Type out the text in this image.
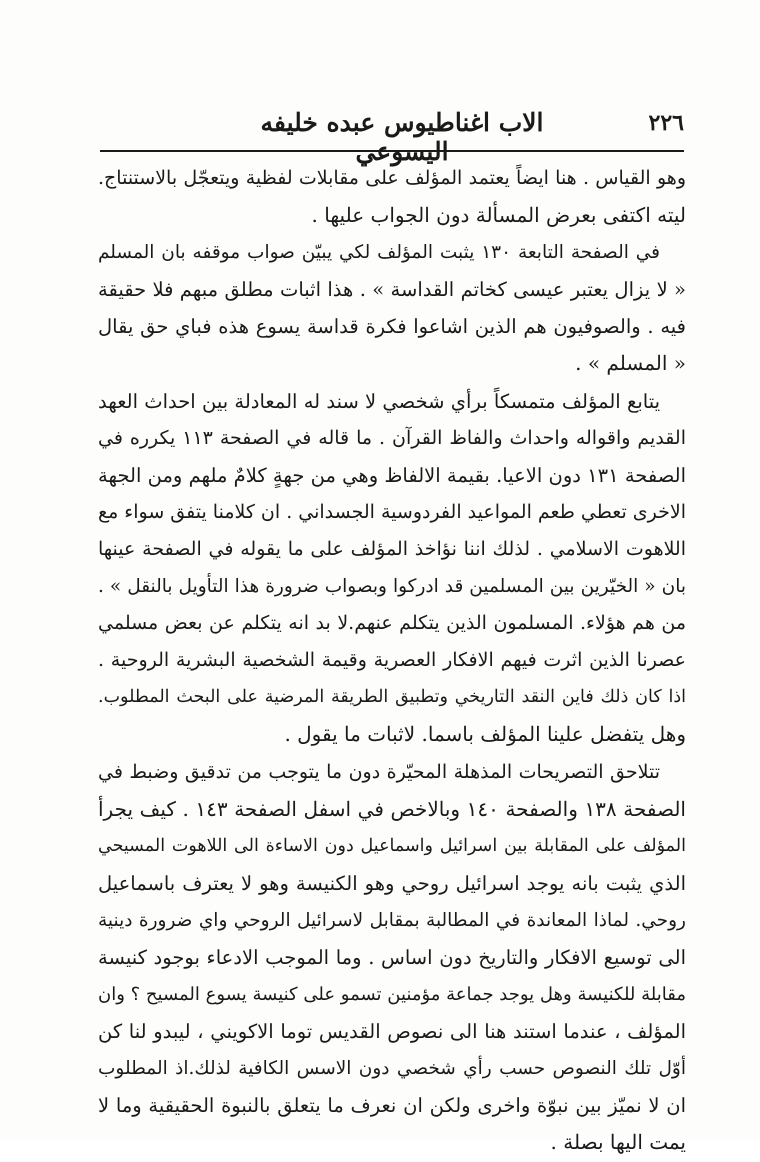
٢٢٦
الاب اغناطيوس عبده خليفه اليسوعي
وهو القياس . هنا ايضاً يعتمد المؤلف على مقابلات لفظية ويتعجّل بالاستنتاج.
ليته اكتفى بعرض المسألة دون الجواب عليها .
في الصفحة التابعة ١٣٠ يثبت المؤلف لكي يبيّن صواب موقفه بان المسلم
« لا يزال يعتبر عيسى كخاتم القداسة » . هذا اثبات مطلق مبهم فلا حقيقة
فيه . والصوفيون هم الذين اشاعوا فكرة قداسة يسوع هذه فباي حق يقال
« المسلم » .
يتابع المؤلف متمسكاً برأي شخصي لا سند له المعادلة بين احداث العهد
القديم واقواله واحداث والفاظ القرآن . ما قاله في الصفحة ١١٣ يكرره في
الصفحة ١٣١ دون الاعيا. بقيمة الالفاظ وهي من جهةٍ كلامٌ ملهم ومن الجهة
الاخرى تعطي طعم المواعيد الفردوسية الجسداني . ان كلامنا يتفق سواء مع
اللاهوت الاسلامي . لذلك اننا نؤاخذ المؤلف على ما يقوله في الصفحة عينها
بان « الخيّرين بين المسلمين قد ادركوا وبصواب ضرورة هذا التأويل بالنقل » .
من هم هؤلاء. المسلمون الذين يتكلم عنهم.لا بد انه يتكلم عن بعض مسلمي
عصرنا الذين اثرت فيهم الافكار العصرية وقيمة الشخصية البشرية الروحية .
اذا كان ذلك فاين النقد التاريخي وتطبيق الطريقة المرضية على البحث المطلوب.
وهل يتفضل علينا المؤلف باسما. لاثبات ما يقول .
تتلاحق التصريحات المذهلة المحيّرة دون ما يتوجب من تدقيق وضبط في
الصفحة ١٣٨ والصفحة ١٤٠ وبالاخص في اسفل الصفحة ١٤٣ . كيف يجرأ
المؤلف على المقابلة بين اسرائيل واسماعيل دون الاساءة الى اللاهوت المسيحي
الذي يثبت بانه يوجد اسرائيل روحي وهو الكنيسة وهو لا يعترف باسماعيل
روحي. لماذا المعاندة في المطالبة بمقابل لاسرائيل الروحي واي ضرورة دينية
الى توسيع الافكار والتاريخ دون اساس . وما الموجب الادعاء بوجود كنيسة
مقابلة للكنيسة وهل يوجد جماعة مؤمنين تسمو على كنيسة يسوع المسيح ؟ وان
المؤلف ، عندما استند هنا الى نصوص القديس توما الاكويني ، ليبدو لنا كن
أوّل تلك النصوص حسب رأي شخصي دون الاسس الكافية لذلك.اذ المطلوب
ان لا نميّز بين نبوّة واخرى ولكن ان نعرف ما يتعلق بالنبوة الحقيقية وما لا
يمت اليها بصلة .
